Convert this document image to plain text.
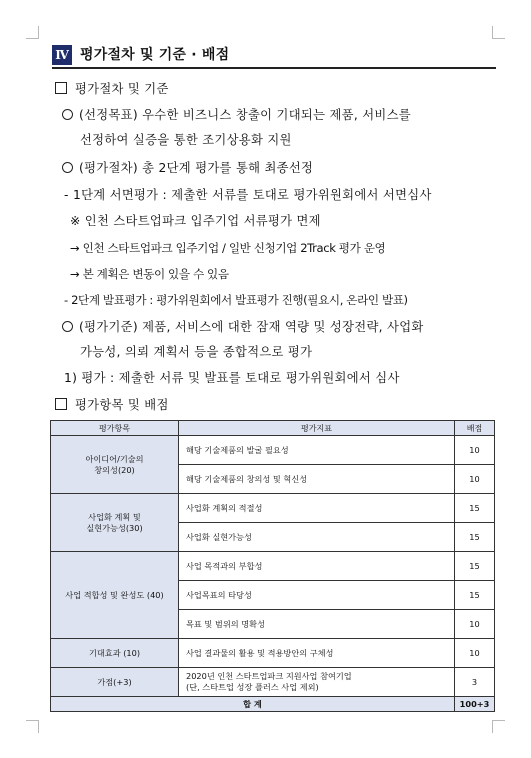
Ⅳ 평가절차 및 기준 · 배점
평가절차 및 기준
(선정목표) 우수한 비즈니스 창출이 기대되는 제품, 서비스를
선정하여 실증을 통한 조기상용화 지원
(평가절차) 총 2단계 평가를 통해 최종선정
- 1단계 서면평가 : 제출한 서류를 토대로 평가위원회에서 서면심사
※ 인천 스타트업파크 입주기업 서류평가 면제
→ 인천 스타트업파크 입주기업 / 일반 신청기업 2Track 평가 운영
→ 본 계획은 변동이 있을 수 있음
- 2단계 발표평가 : 평가위원회에서 발표평가 진행(필요시, 온라인 발표)
(평가기준) 제품, 서비스에 대한 잠재 역량 및 성장전략, 사업화
가능성, 의뢰 계획서 등을 종합적으로 평가
1) 평가 : 제출한 서류 및 발표를 토대로 평가위원회에서 심사
평가항목 및 배점
평가항목	평가지표	배점

아이디어/기술의
창의성(20)	해당 기술제품의 발굴 필요성	10
	해당 기술제품의 창의성 및 혁신성	10

사업화 계획 및
실현가능성(30)	사업화 계획의 적절성	15
	사업화 실현가능성	15

사업 적합성 및 완성도 (40)	사업 목적과의 부합성	15
	사업목표의 타당성	15
	목표 및 범위의 명확성	10

기대효과 (10)	사업 결과물의 활용 및 적용방안의 구체성	10

가점(+3)	2020년 인천 스타트업파크 지원사업 참여기업
(단, 스타트업 성장 플러스 사업 제외)	3
합 계		100+3
